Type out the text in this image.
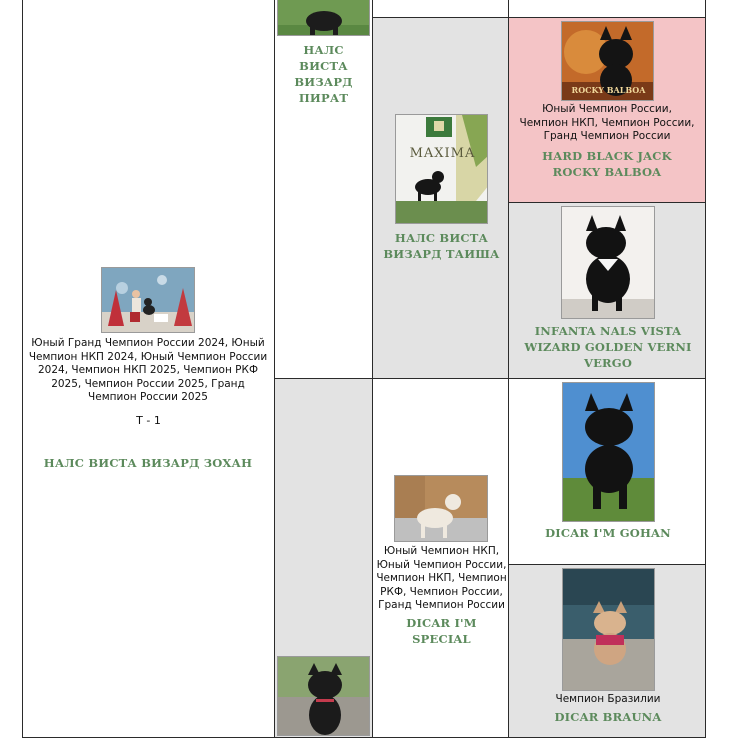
Юный Гранд Чемпион России 2024, Юный Чемпион НКП 2024, Юный Чемпион России 2024, Чемпион НКП 2025, Чемпион РКФ 2025, Чемпион России 2025, Гранд Чемпион России 2025
Т - 1
НАЛС ВИСТА ВИЗАРД ЗОХАН
НАЛС ВИСТА ВИЗАРД ПИРАТ
MAXIMA
НАЛС ВИСТА ВИЗАРД ТАИША
Юный Чемпион НКП, Юный Чемпион России, Чемпион НКП, Чемпион РКФ, Чемпион России, Гранд Чемпион России
DICAR I'M SPECIAL
ROCKY BALBOA
Юный Чемпион России, Чемпион НКП, Чемпион России, Гранд Чемпион России
HARD BLACK JACK ROCKY BALBOA
INFANTA NALS VISTA WIZARD GOLDEN VERNI VERGO
DICAR I'M GOHAN
Чемпион Бразилии
DICAR BRAUNA
